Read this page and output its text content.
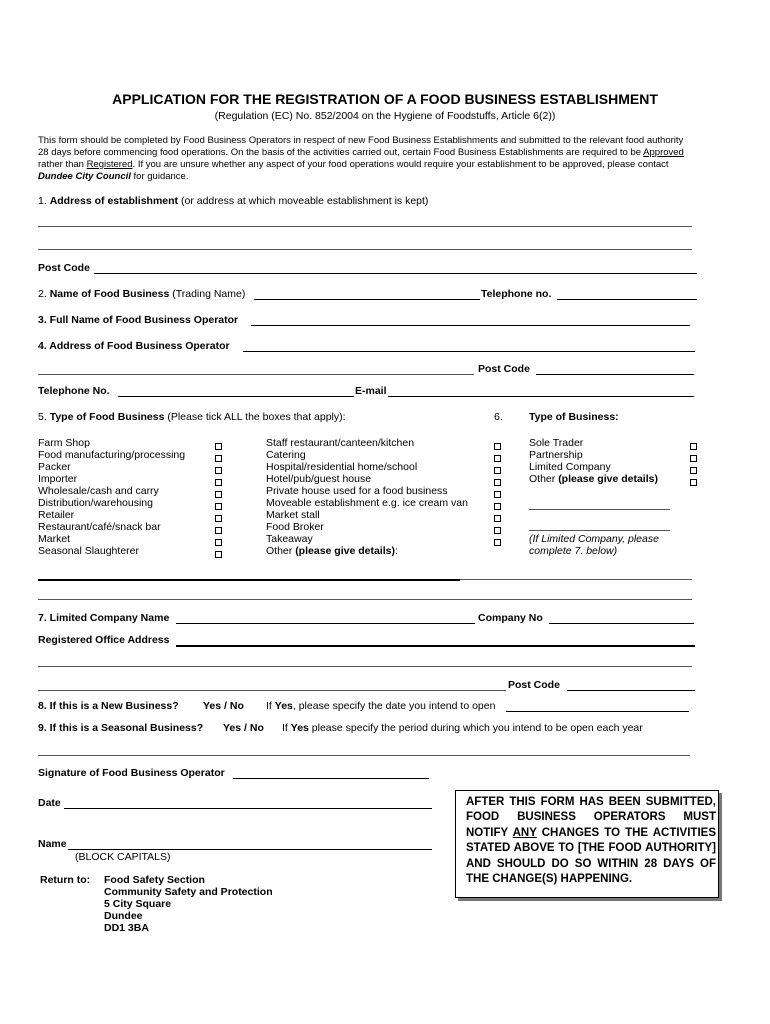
APPLICATION FOR THE REGISTRATION OF A FOOD BUSINESS ESTABLISHMENT
(Regulation (EC) No. 852/2004 on the Hygiene of Foodstuffs, Article 6(2))
This form should be completed by Food Business Operators in respect of new Food Business Establishments and submitted to the relevant food authority
28 days before commencing food operations. On the basis of the activities carried out, certain Food Business Establishments are required to be Approved
rather than Registered. If you are unsure whether any aspect of your food operations would require your establishment to be approved, please contact
Dundee City Council for guidance.
1. Address of establishment (or address at which moveable establishment is kept)
Post Code
2. Name of Food Business (Trading Name)	Telephone no.
3. Full Name of Food Business Operator
4. Address of Food Business Operator
Post Code
Telephone No.	E-mail
5. Type of Food Business (Please tick ALL the boxes that apply):	6. Type of Business:
Farm Shop
Food manufacturing/processing
Packer
Importer
Wholesale/cash and carry
Distribution/warehousing
Retailer
Restaurant/café/snack bar
Market
Seasonal Slaughterer
Staff restaurant/canteen/kitchen
Catering
Hospital/residential home/school
Hotel/pub/guest house
Private house used for a food business
Moveable establishment e.g. ice cream van
Market stall
Food Broker
Takeaway
Other (please give details):
Sole Trader
Partnership
Limited Company
Other (please give details)
(If Limited Company, please
complete 7. below)
7. Limited Company Name	Company No
Registered Office Address
Post Code
8. If this is a New Business? Yes / No If Yes, please specify the date you intend to open
9. If this is a Seasonal Business? Yes / No If Yes please specify the period during which you intend to be open each year
Signature of Food Business Operator
Date
Name
(BLOCK CAPITALS)
Return to: Food Safety Section
Community Safety and Protection
5 City Square
Dundee
DD1 3BA
AFTER THIS FORM HAS BEEN SUBMITTED, FOOD BUSINESS OPERATORS MUST NOTIFY ANY CHANGES TO THE ACTIVITIES STATED ABOVE TO [THE FOOD AUTHORITY] AND SHOULD DO SO WITHIN 28 DAYS OF THE CHANGE(S) HAPPENING.
